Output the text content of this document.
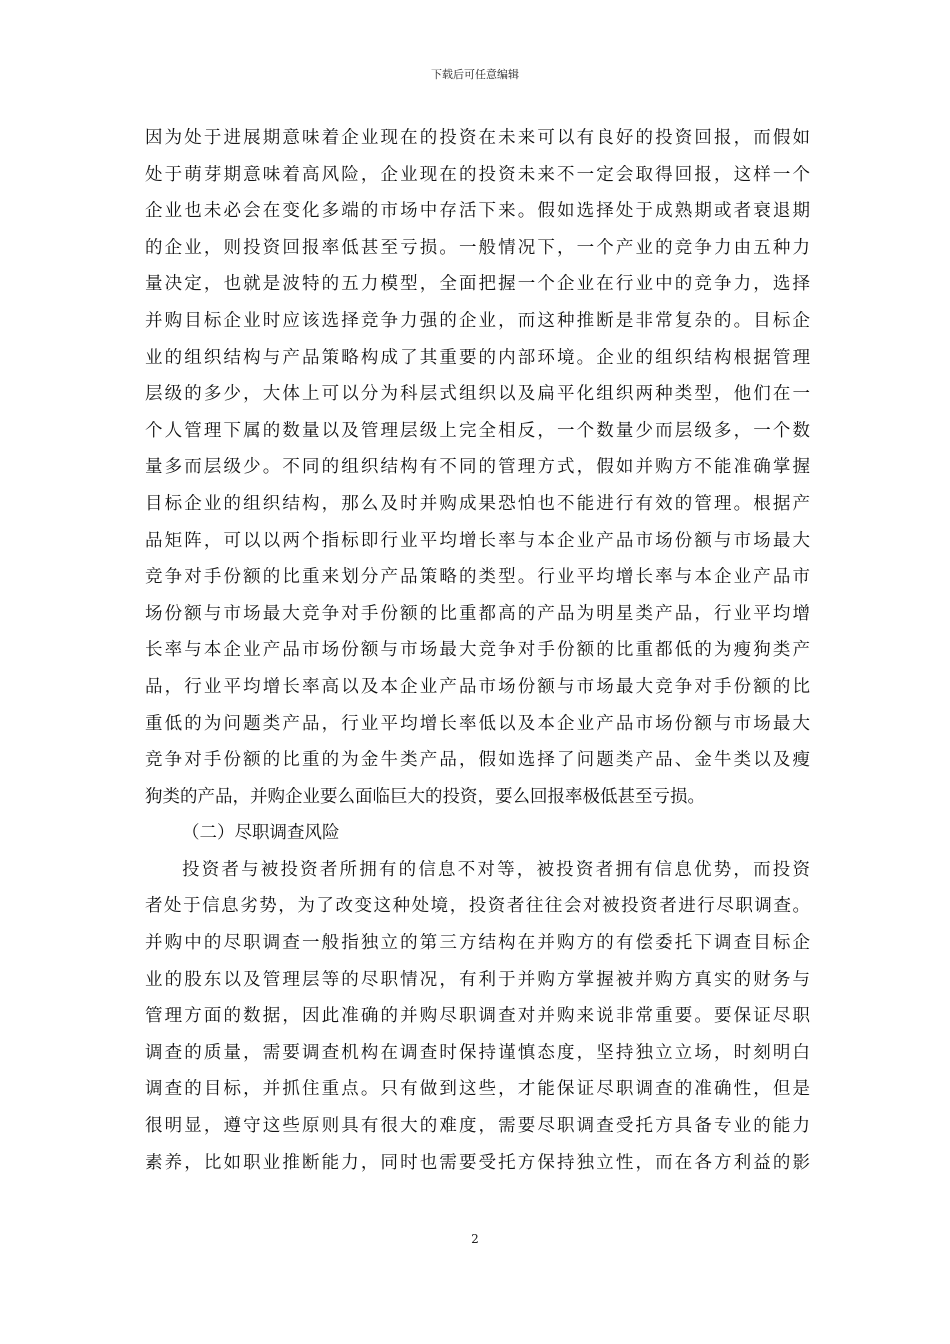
下载后可任意编辑
因为处于进展期意味着企业现在的投资在未来可以有良好的投资回报，而假如
处于萌芽期意味着高风险，企业现在的投资未来不一定会取得回报，这样一个
企业也未必会在变化多端的市场中存活下来。假如选择处于成熟期或者衰退期
的企业，则投资回报率低甚至亏损。一般情况下，一个产业的竞争力由五种力
量决定，也就是波特的五力模型，全面把握一个企业在行业中的竞争力，选择
并购目标企业时应该选择竞争力强的企业，而这种推断是非常复杂的。目标企
业的组织结构与产品策略构成了其重要的内部环境。企业的组织结构根据管理
层级的多少，大体上可以分为科层式组织以及扁平化组织两种类型，他们在一
个人管理下属的数量以及管理层级上完全相反，一个数量少而层级多，一个数
量多而层级少。不同的组织结构有不同的管理方式，假如并购方不能准确掌握
目标企业的组织结构，那么及时并购成果恐怕也不能进行有效的管理。根据产
品矩阵，可以以两个指标即行业平均增长率与本企业产品市场份额与市场最大
竞争对手份额的比重来划分产品策略的类型。行业平均增长率与本企业产品市
场份额与市场最大竞争对手份额的比重都高的产品为明星类产品，行业平均增
长率与本企业产品市场份额与市场最大竞争对手份额的比重都低的为瘦狗类产
品，行业平均增长率高以及本企业产品市场份额与市场最大竞争对手份额的比
重低的为问题类产品，行业平均增长率低以及本企业产品市场份额与市场最大
竞争对手份额的比重的为金牛类产品，假如选择了问题类产品、金牛类以及瘦
狗类的产品，并购企业要么面临巨大的投资，要么回报率极低甚至亏损。
（二）尽职调查风险
投资者与被投资者所拥有的信息不对等，被投资者拥有信息优势，而投资
者处于信息劣势，为了改变这种处境，投资者往往会对被投资者进行尽职调查。
并购中的尽职调查一般指独立的第三方结构在并购方的有偿委托下调查目标企
业的股东以及管理层等的尽职情况，有利于并购方掌握被并购方真实的财务与
管理方面的数据，因此准确的并购尽职调查对并购来说非常重要。要保证尽职
调查的质量，需要调查机构在调查时保持谨慎态度，坚持独立立场，时刻明白
调查的目标，并抓住重点。只有做到这些，才能保证尽职调查的准确性，但是
很明显，遵守这些原则具有很大的难度，需要尽职调查受托方具备专业的能力
素养，比如职业推断能力，同时也需要受托方保持独立性，而在各方利益的影
2
